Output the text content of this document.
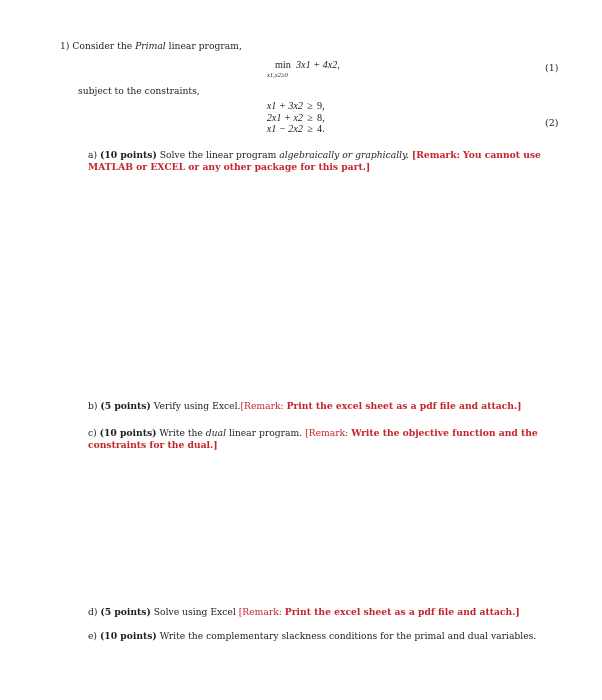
1) Consider the Primal linear program,
min 3x1 + 4x2,
x1,x2≥0
(1)
subject to the constraints,
x1 + 3x2 ≥ 9,
2x1 + x2 ≥ 8,
x1 − 2x2 ≥ 4.
(2)
a) (10 points) Solve the linear program algebraically or graphically. [Remark: You cannot use MATLAB or EXCEL or any other package for this part.]
b) (5 points) Verify using Excel.[Remark: Print the excel sheet as a pdf file and attach.]
c) (10 points) Write the dual linear program. [Remark: Write the objective function and the constraints for the dual.]
d) (5 points) Solve using Excel [Remark: Print the excel sheet as a pdf file and attach.]
e) (10 points) Write the complementary slackness conditions for the primal and dual variables.
